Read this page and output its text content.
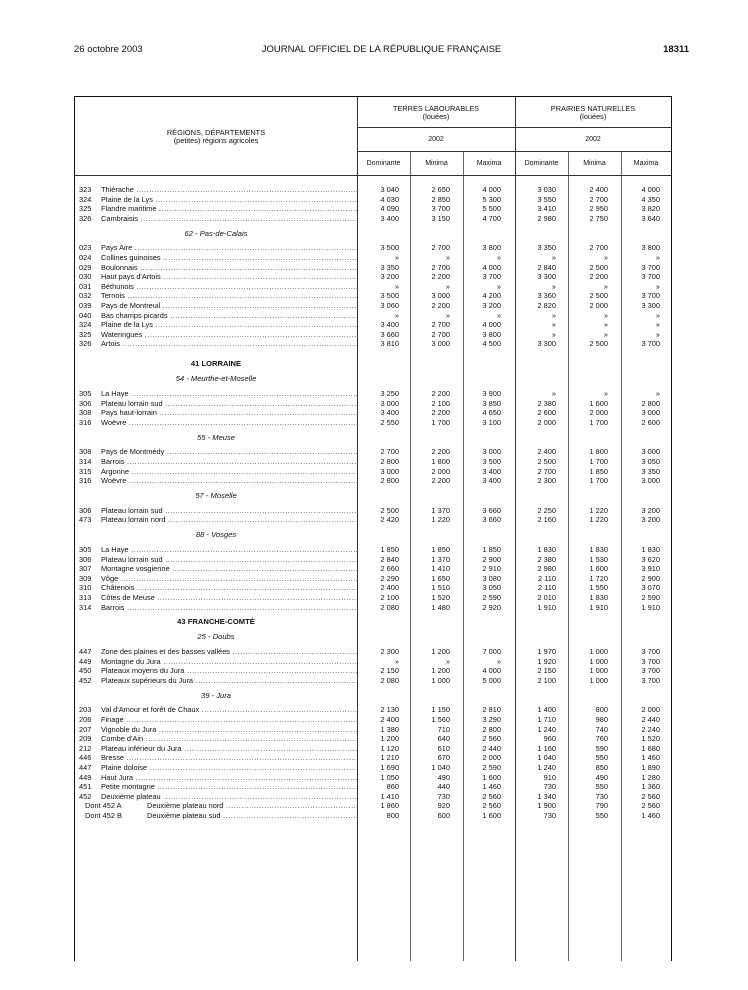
26 octobre 2003	JOURNAL OFFICIEL DE LA RÉPUBLIQUE FRANÇAISE	18311
RÉGIONS, DÉPARTEMENTS
(petites) régions agricoles
TERRES LABOURABLES
(louées)
PRAIRIES NATURELLES
(louées)
2002	2002
Dominante	Minima	Maxima	Dominante	Minima	Maxima
323	Thiérache .....	3 040	2 650	4 000	3 030	2 400	4 000
324	Plaine de la Lys .....	4 030	2 850	5 300	3 550	2 700	4 350
325	Flandre maritime .....	4 090	3 700	5 500	3 410	2 950	3 820
326	Cambraisis .....	3 400	3 150	4 700	2 980	2 750	3 640
62 - Pas-de-Calais
023	Pays Aire .....	3 500	2 700	3 800	3 350	2 700	3 800
024	Collines guinoises .....	»	»	»	»	»	»
029	Boulonnais .....	3 350	2 700	4 000	2 840	2 500	3 700
030	Haut pays d'Artois .....	3 200	2 200	3 700	3 300	2 200	3 700
031	Béthunois .....	»	»	»	»	»	»
032	Ternois .....	3 500	3 000	4 200	3 360	2 500	3 700
039	Pays de Montreuil .....	3 060	2 200	3 200	2 820	2 000	3 300
040	Bas champs picards .....	»	»	»	»	»	»
324	Plaine de la Lys .....	3 400	2 700	4 000	»	»	»
325	Wateringues .....	3 660	2 700	3 800	»	»	»
326	Artois .....	3 810	3 000	4 500	3 300	2 500	3 700
41 LORRAINE
54 - Meurthe-et-Moselle
305	La Haye .....	3 250	2 200	3 900	»	»	»
306	Plateau lorrain sud .....	3 000	2 100	3 850	2 380	1 600	2 800
308	Pays haut-lorrain .....	3 400	2 200	4 650	2 600	2 000	3 000
316	Woëvre .....	2 550	1 700	3 100	2 000	1 700	2 600
55 - Meuse
308	Pays de Montmédy .....	2 700	2 200	3 000	2 400	1 800	3 000
314	Barrois .....	2 800	1 800	3 500	2 500	1 700	3 050
315	Argonne .....	3 000	2 000	3 400	2 700	1 850	3 350
316	Woëvre .....	2 800	2 200	3 400	2 300	1 700	3 000
57 - Moselle
306	Plateau lorrain sud .....	2 500	1 370	3 660	2 250	1 220	3 200
473	Plateau lorrain nord .....	2 420	1 220	3 660	2 160	1 220	3 200
88 - Vosges
305	La Haye .....	1 850	1 850	1 850	1 830	1 830	1 830
306	Plateau lorrain sud .....	2 840	1 370	2 900	2 380	1 530	3 620
307	Montagne vosgienne .....	2 660	1 410	2 910	2 980	1 600	3 910
309	Vôge .....	2 290	1 650	3 080	2 110	1 720	2 900
310	Châtenois .....	2 400	1 510	3 050	2 110	1 550	3 070
313	Côtes de Meuse .....	2 100	1 520	2 590	2 010	1 830	2 590
314	Barrois .....	2 080	1 480	2 920	1 910	1 910	1 910
43 FRANCHE-COMTÉ
25 - Doubs
447	Zone des plaines et des basses vallées .....	2 300	1 200	7 000	1 970	1 000	3 700
449	Montagne du Jura .....	»	»	»	1 920	1 000	3 700
450	Plateaux moyens du Jura .....	2 150	1 200	4 000	2 150	1 000	3 700
452	Plateaux supérieurs du Jura .....	2 080	1 000	5 000	2 100	1 000	3 700
39 - Jura
203	Val d'Amour et forêt de Chaux .....	2 130	1 150	2 810	1 400	800	2 000
206	Finage .....	2 400	1 560	3 290	1 710	980	2 440
207	Vignoble du Jura .....	1 380	710	2 800	1 240	740	2 240
209	Combe d'Ain .....	1 200	640	2 560	960	760	1 520
212	Plateau inférieur du Jura .....	1 120	610	2 440	1 160	590	1 680
446	Bresse .....	1 210	670	2 000	1 040	550	1 460
447	Plaine doloise .....	1 690	1 040	2 590	1 240	850	1 890
449	Haut Jura .....	1 050	490	1 600	910	490	1 280
451	Petite montagne .....	860	440	1 460	730	550	1 360
452	Deuxième plateau .....	1 410	730	2 560	1 340	730	2 560
Dont 452 A	Deuxième plateau nord .....	1 860	920	2 560	1 900	790	2 560
Dont 452 B	Deuxième plateau sud .....	800	600	1 600	730	550	1 460
